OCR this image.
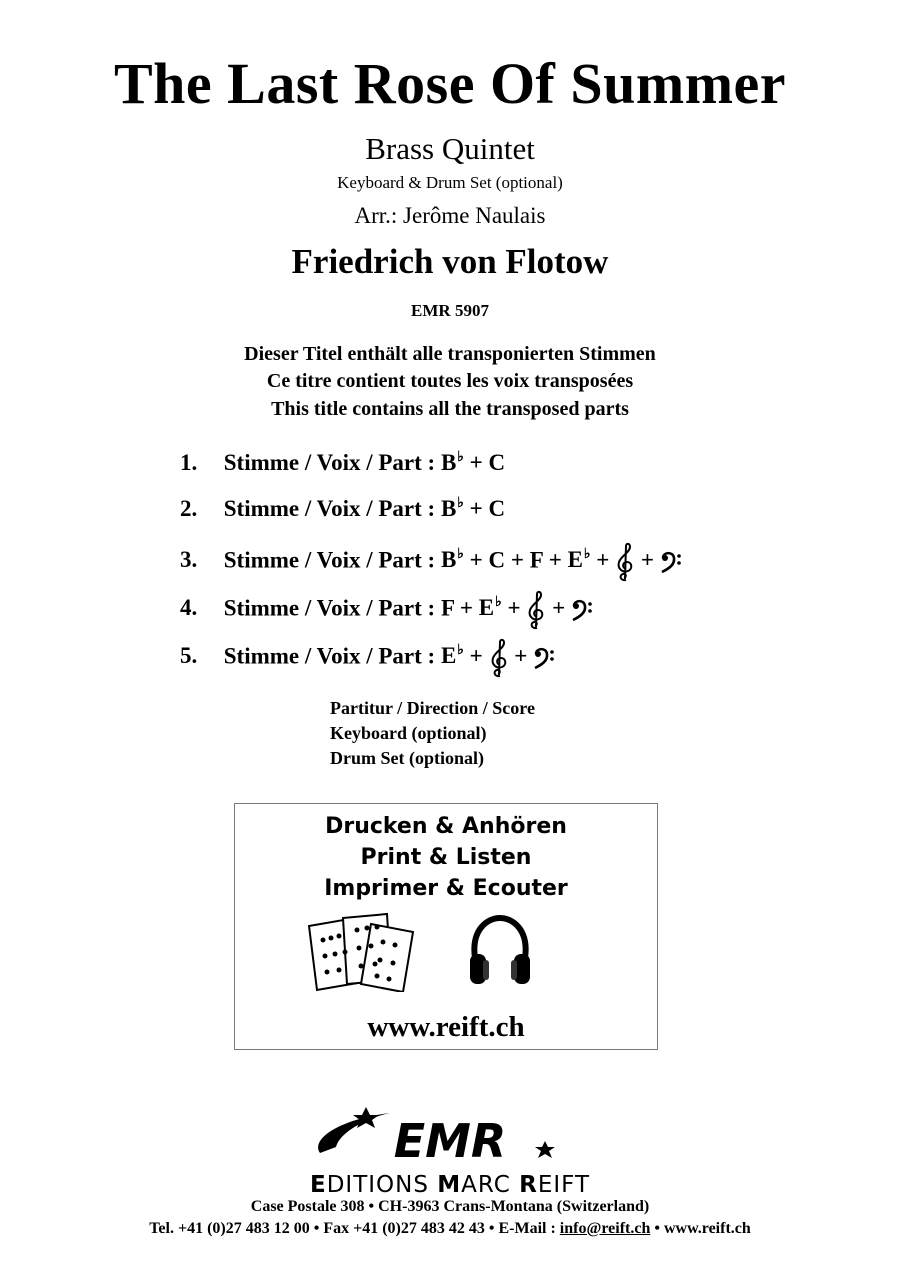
The Last Rose Of Summer
Brass Quintet
Keyboard & Drum Set (optional)
Arr.: Jerôme Naulais
Friedrich von Flotow
EMR 5907
Dieser Titel enthält alle transponierten Stimmen
Ce titre contient toutes les voix transposées
This title contains all the transposed parts
1. Stimme / Voix / Part : B♭ + C
2. Stimme / Voix / Part : B♭ + C
3. Stimme / Voix / Part : B♭ + C + F + E♭ + +
4. Stimme / Voix / Part : F + E♭ + +
5. Stimme / Voix / Part : E♭ + +
Partitur / Direction / Score
Keyboard (optional)
Drum Set (optional)
Drucken & Anhören
Print & Listen
Imprimer & Ecouter
www.reift.ch
EMR
EDITIONS MARC REIFT
Case Postale 308 • CH-3963 Crans-Montana (Switzerland)
Tel. +41 (0)27 483 12 00 • Fax +41 (0)27 483 42 43 • E-Mail : info@reift.ch • www.reift.ch
